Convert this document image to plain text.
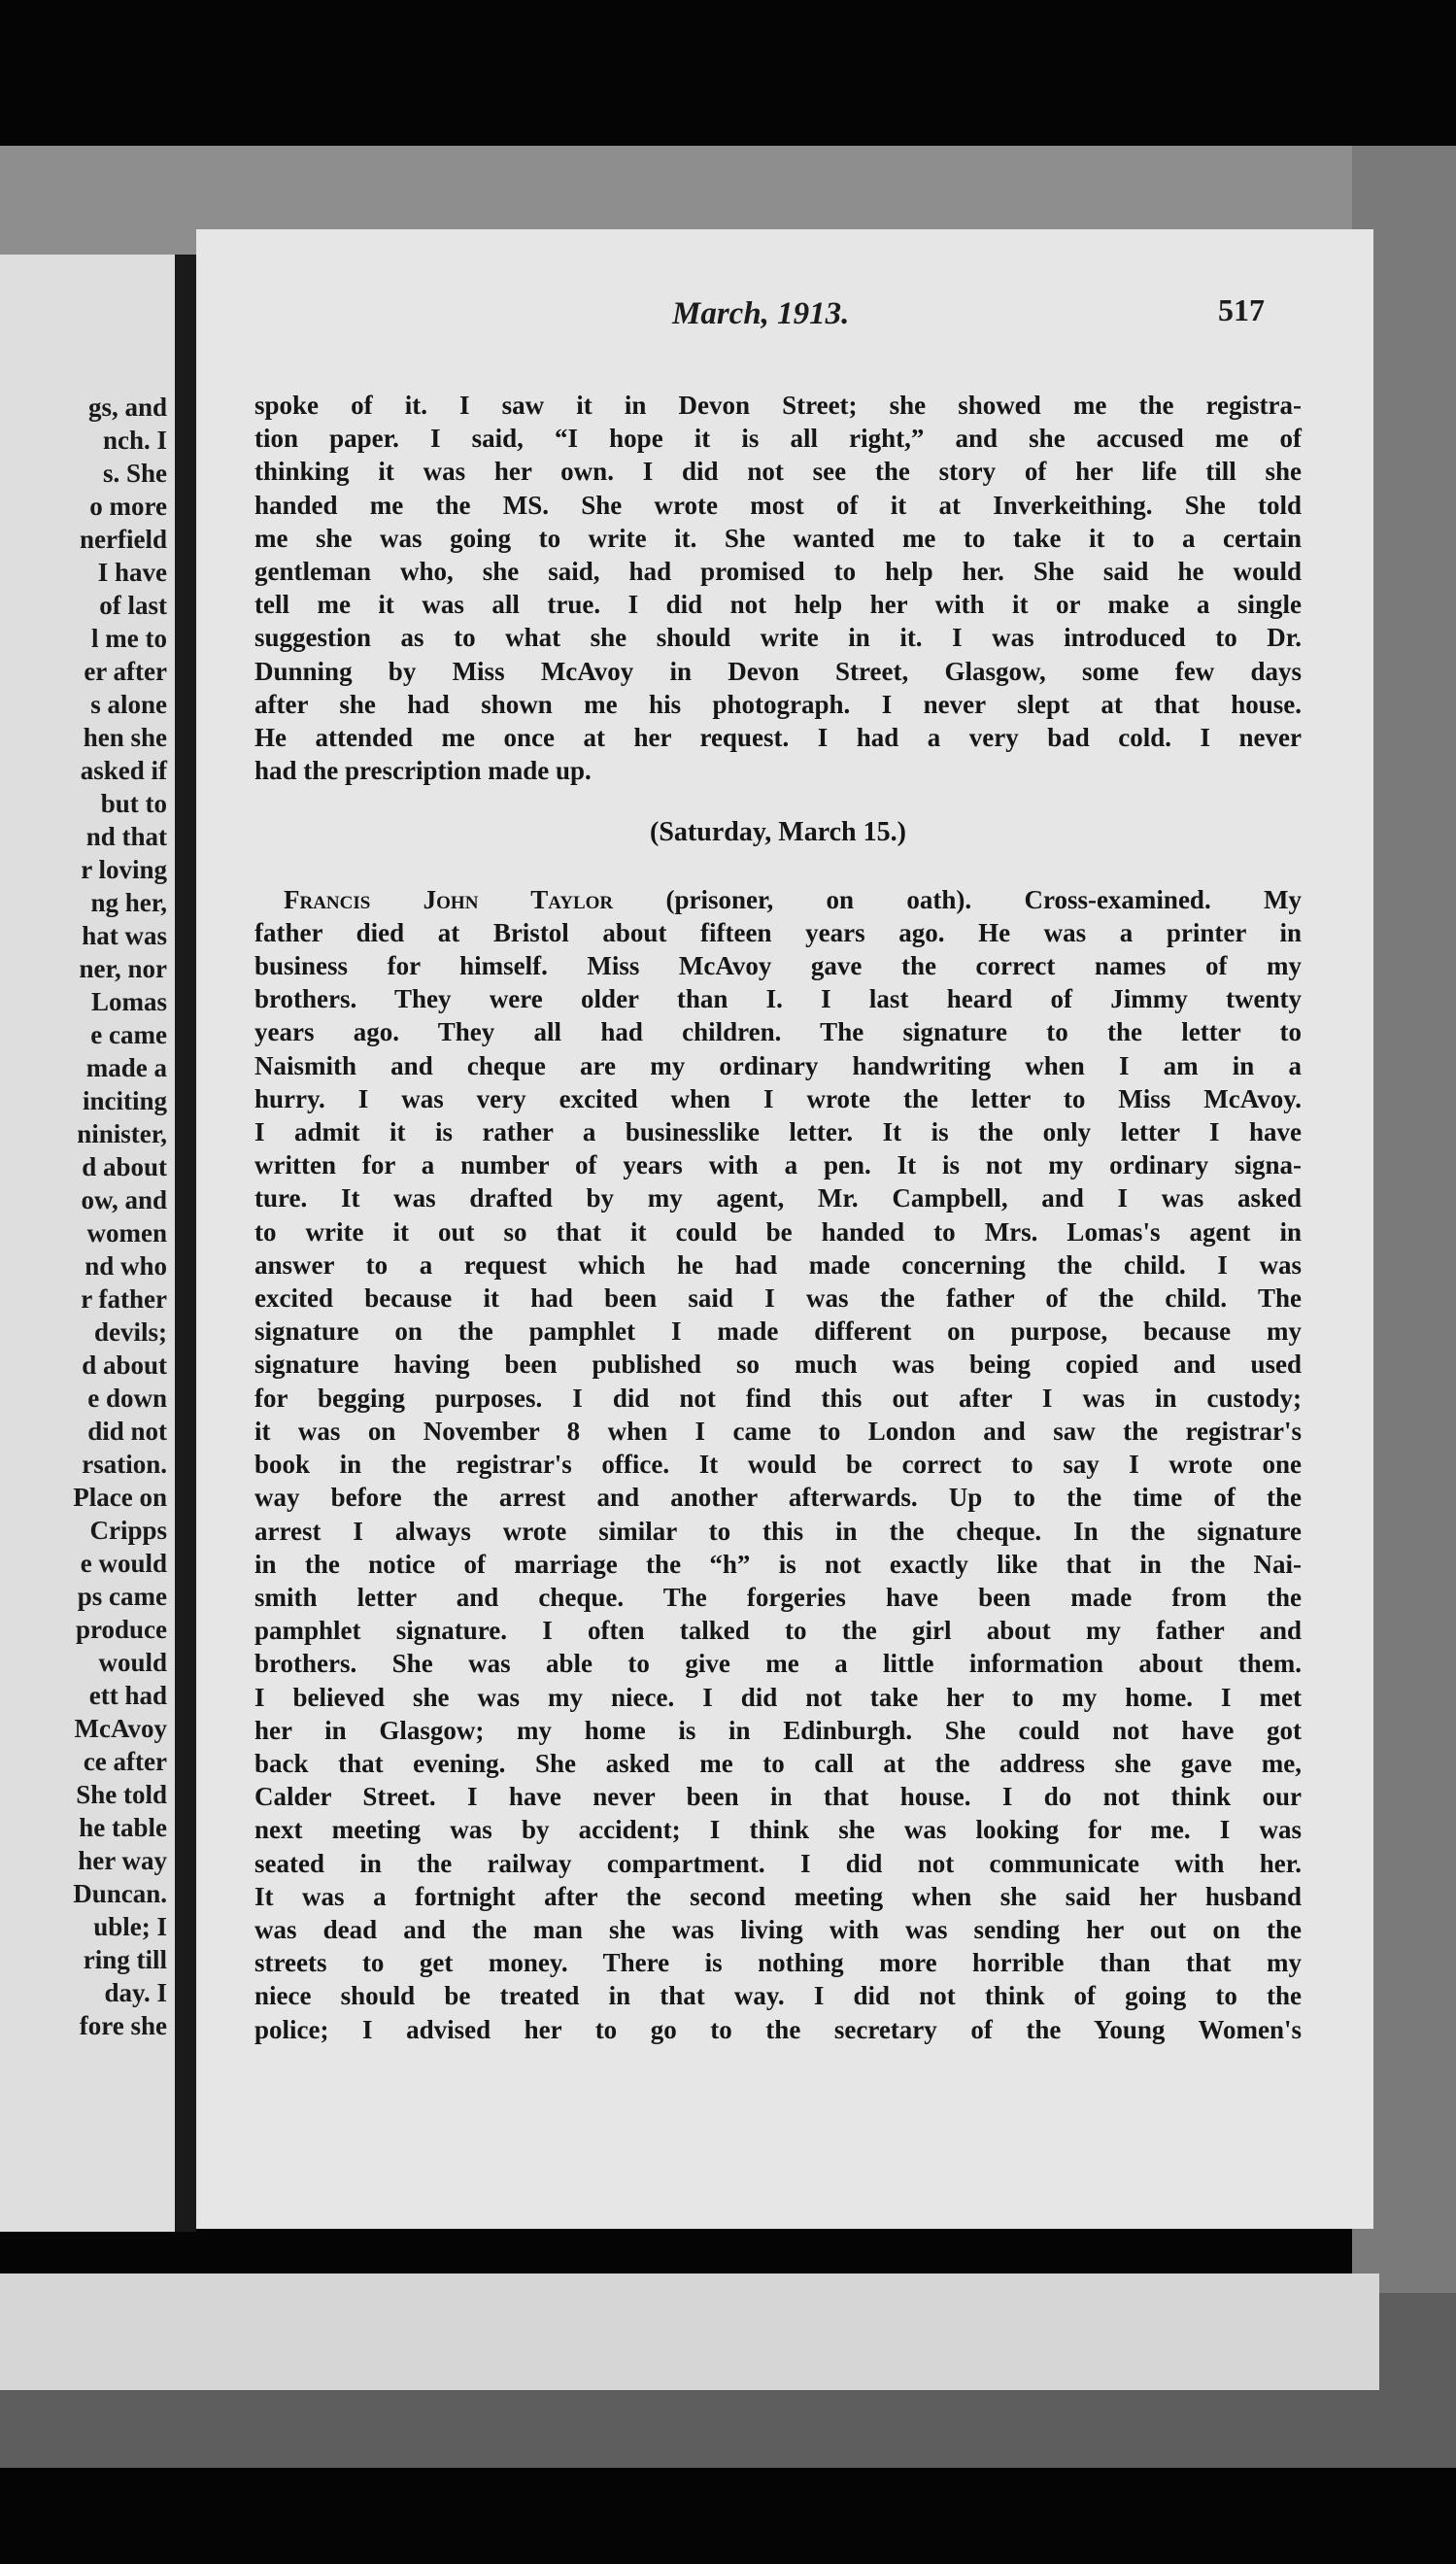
gs, and
nch. I
s. She
o more
nerfield
I have
of last
l me to
er after
s alone
hen she
asked if
but to
nd that
r loving
ng her,
hat was
ner, nor
Lomas
e came
made a
inciting
ninister,
d about
ow, and
women
nd who
r father
devils;
d about
e down
did not
rsation.
Place on
Cripps
e would
ps came
produce
would
ett had
McAvoy
ce after
She told
he table
her way
Duncan.
uble; I
ring till
day. I
fore she
March, 1913.	517
spoke of it. I saw it in Devon Street; she showed me the registra-
tion paper. I said, “I hope it is all right,” and she accused me of
thinking it was her own. I did not see the story of her life till she
handed me the MS. She wrote most of it at Inverkeithing. She told
me she was going to write it. She wanted me to take it to a certain
gentleman who, she said, had promised to help her. She said he would
tell me it was all true. I did not help her with it or make a single
suggestion as to what she should write in it. I was introduced to Dr.
Dunning by Miss McAvoy in Devon Street, Glasgow, some few days
after she had shown me his photograph. I never slept at that house.
He attended me once at her request. I had a very bad cold. I never
had the prescription made up.
(Saturday, March 15.)
Francis John Taylor (prisoner, on oath). Cross-examined. My
father died at Bristol about fifteen years ago. He was a printer in
business for himself. Miss McAvoy gave the correct names of my
brothers. They were older than I. I last heard of Jimmy twenty
years ago. They all had children. The signature to the letter to
Naismith and cheque are my ordinary handwriting when I am in a
hurry. I was very excited when I wrote the letter to Miss McAvoy.
I admit it is rather a businesslike letter. It is the only letter I have
written for a number of years with a pen. It is not my ordinary signa-
ture. It was drafted by my agent, Mr. Campbell, and I was asked
to write it out so that it could be handed to Mrs. Lomas's agent in
answer to a request which he had made concerning the child. I was
excited because it had been said I was the father of the child. The
signature on the pamphlet I made different on purpose, because my
signature having been published so much was being copied and used
for begging purposes. I did not find this out after I was in custody;
it was on November 8 when I came to London and saw the registrar's
book in the registrar's office. It would be correct to say I wrote one
way before the arrest and another afterwards. Up to the time of the
arrest I always wrote similar to this in the cheque. In the signature
in the notice of marriage the “h” is not exactly like that in the Nai-
smith letter and cheque. The forgeries have been made from the
pamphlet signature. I often talked to the girl about my father and
brothers. She was able to give me a little information about them.
I believed she was my niece. I did not take her to my home. I met
her in Glasgow; my home is in Edinburgh. She could not have got
back that evening. She asked me to call at the address she gave me,
Calder Street. I have never been in that house. I do not think our
next meeting was by accident; I think she was looking for me. I was
seated in the railway compartment. I did not communicate with her.
It was a fortnight after the second meeting when she said her husband
was dead and the man she was living with was sending her out on the
streets to get money. There is nothing more horrible than that my
niece should be treated in that way. I did not think of going to the
police; I advised her to go to the secretary of the Young Women's
